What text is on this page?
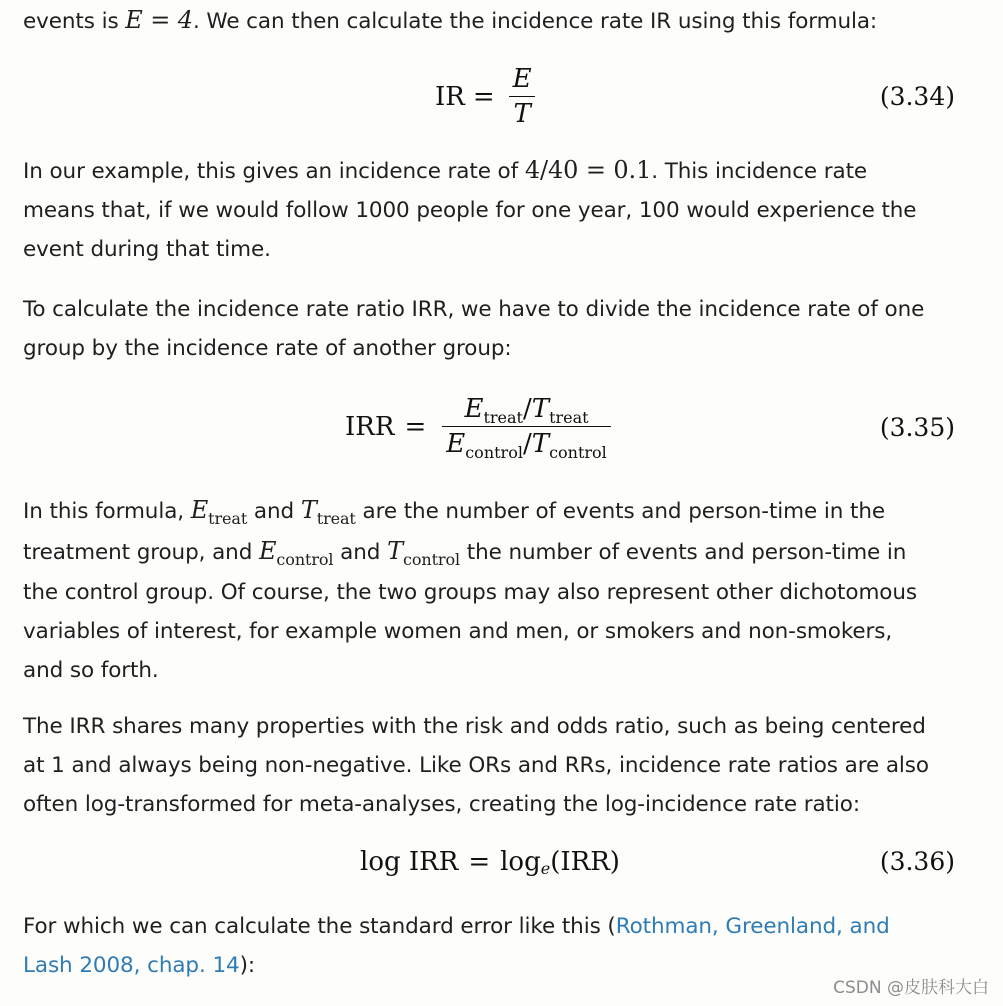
events is E = 4. We can then calculate the incidence rate IR using this formula:

IR = $\frac{E}{T}$	(3.34)

In our example, this gives an incidence rate of 4/40 = 0.1. This incidence rate
means that, if we would follow 1000 people for one year, 100 would experience the
event during that time.

To calculate the incidence rate ratio IRR, we have to divide the incidence rate of one
group by the incidence rate of another group:

IRR = $\frac{E_{treat}/T_{treat}}{E_{control}/T_{control}}$	(3.35)

In this formula, $E_{treat}$ and $T_{treat}$ are the number of events and person-time in the
treatment group, and $E_{control}$ and $T_{control}$ the number of events and person-time in
the control group. Of course, the two groups may also represent other dichotomous
variables of interest, for example women and men, or smokers and non-smokers,
and so forth.

The IRR shares many properties with the risk and odds ratio, such as being centered
at 1 and always being non-negative. Like ORs and RRs, incidence rate ratios are also
often log-transformed for meta-analyses, creating the log-incidence rate ratio:

log IRR = log e (IRR)	(3.36)

For which we can calculate the standard error like this (Rothman, Greenland, and
Lash 2008, chap. 14):

CSDN @皮肤科大白
